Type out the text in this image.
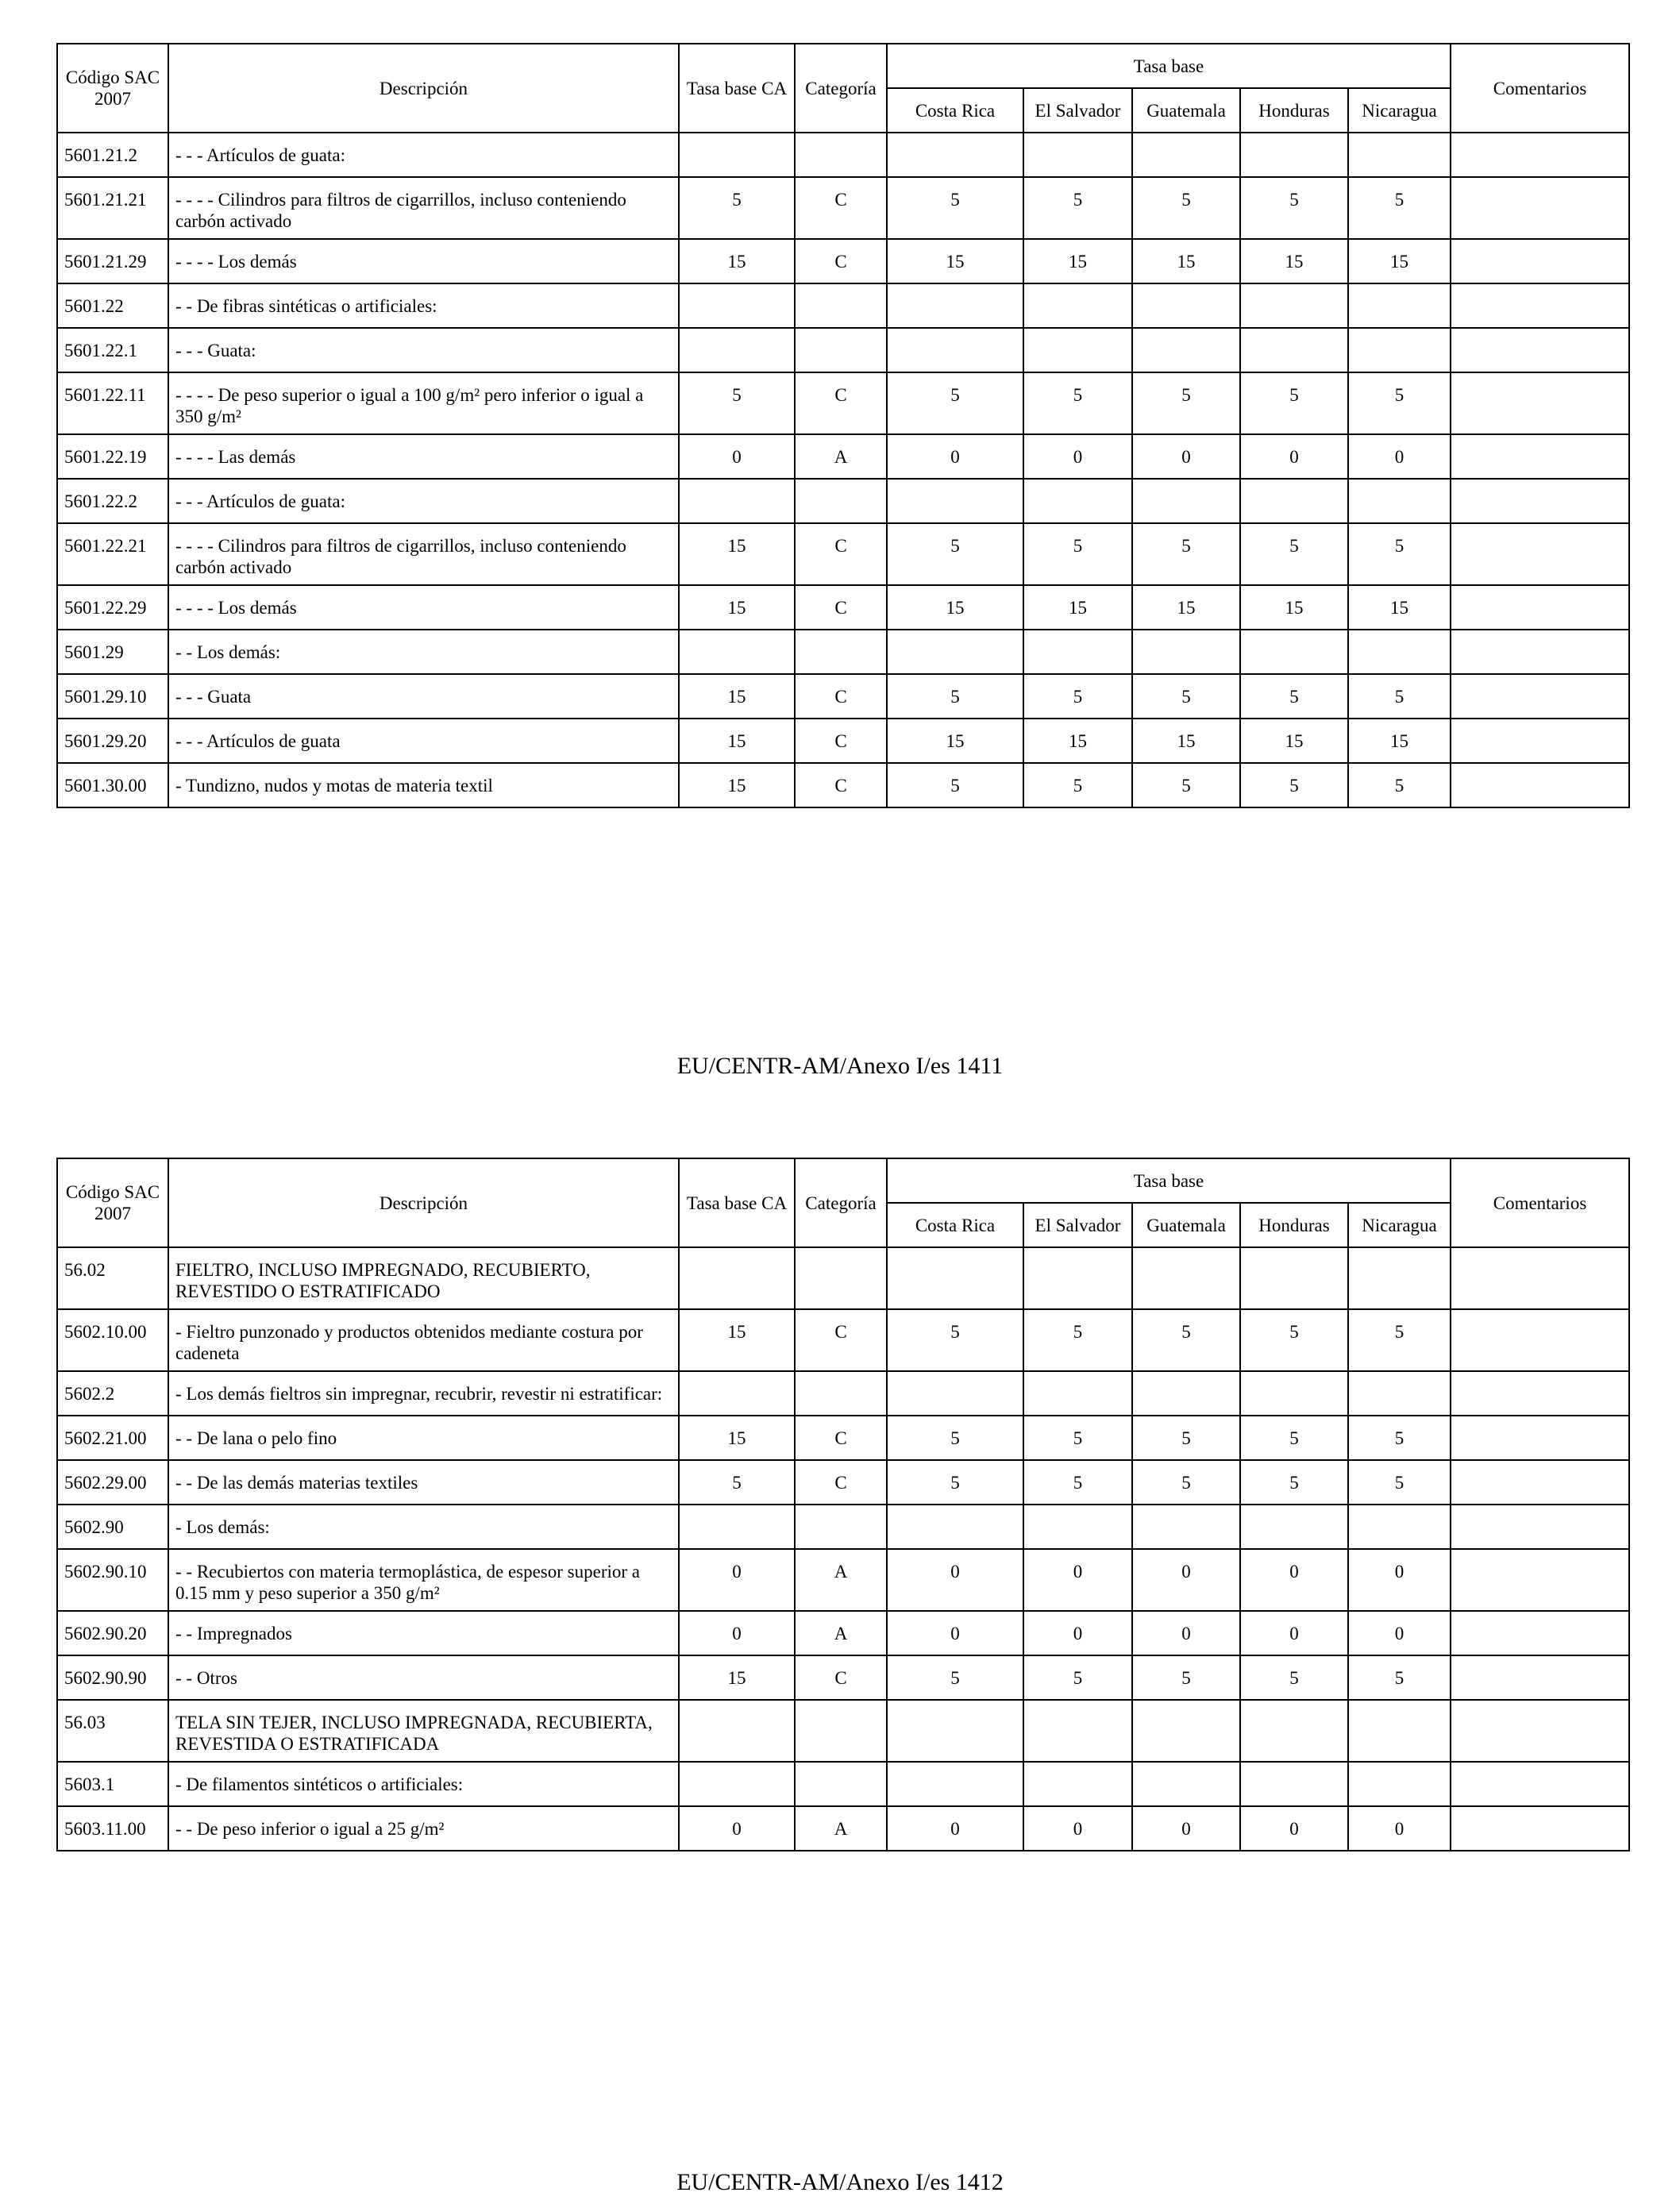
Código SAC 2007	Descripción	Tasa base CA	Categoría	Tasa base					Comentarios
				Costa Rica	El Salvador	Guatemala	Honduras	Nicaragua	
5601.21.2	- - - Artículos de guata:								
5601.21.21	- - - - Cilindros para filtros de cigarrillos, incluso conteniendo carbón activado	5	C	5	5	5	5	5	
5601.21.29	- - - - Los demás	15	C	15	15	15	15	15	
5601.22	- - De fibras sintéticas o artificiales:								
5601.22.1	- - - Guata:								
5601.22.11	- - - - De peso superior o igual a 100 g/m² pero inferior o igual a 350 g/m²	5	C	5	5	5	5	5	
5601.22.19	- - - - Las demás	0	A	0	0	0	0	0	
5601.22.2	- - - Artículos de guata:								
5601.22.21	- - - - Cilindros para filtros de cigarrillos, incluso conteniendo carbón activado	15	C	5	5	5	5	5	
5601.22.29	- - - - Los demás	15	C	15	15	15	15	15	
5601.29	- - Los demás:								
5601.29.10	- - - Guata	15	C	5	5	5	5	5	
5601.29.20	- - - Artículos de guata	15	C	15	15	15	15	15	
5601.30.00	- Tundizno, nudos y motas de materia textil	15	C	5	5	5	5	5	
EU/CENTR-AM/Anexo I/es 1411
Código SAC 2007	Descripción	Tasa base CA	Categoría	Tasa base					Comentarios
				Costa Rica	El Salvador	Guatemala	Honduras	Nicaragua	
56.02	FIELTRO, INCLUSO IMPREGNADO, RECUBIERTO, REVESTIDO O ESTRATIFICADO								
5602.10.00	- Fieltro punzonado y productos obtenidos mediante costura por cadeneta	15	C	5	5	5	5	5	
5602.2	- Los demás fieltros sin impregnar, recubrir, revestir ni estratificar:								
5602.21.00	- - De lana o pelo fino	15	C	5	5	5	5	5	
5602.29.00	- - De las demás materias textiles	5	C	5	5	5	5	5	
5602.90	- Los demás:								
5602.90.10	- - Recubiertos con materia termoplástica, de espesor superior a 0.15 mm y peso superior a 350 g/m²	0	A	0	0	0	0	0	
5602.90.20	- - Impregnados	0	A	0	0	0	0	0	
5602.90.90	- - Otros	15	C	5	5	5	5	5	
56.03	TELA SIN TEJER, INCLUSO IMPREGNADA, RECUBIERTA, REVESTIDA O ESTRATIFICADA								
5603.1	- De filamentos sintéticos o artificiales:								
5603.11.00	- - De peso inferior o igual a 25 g/m²	0	A	0	0	0	0	0	
EU/CENTR-AM/Anexo I/es 1412
